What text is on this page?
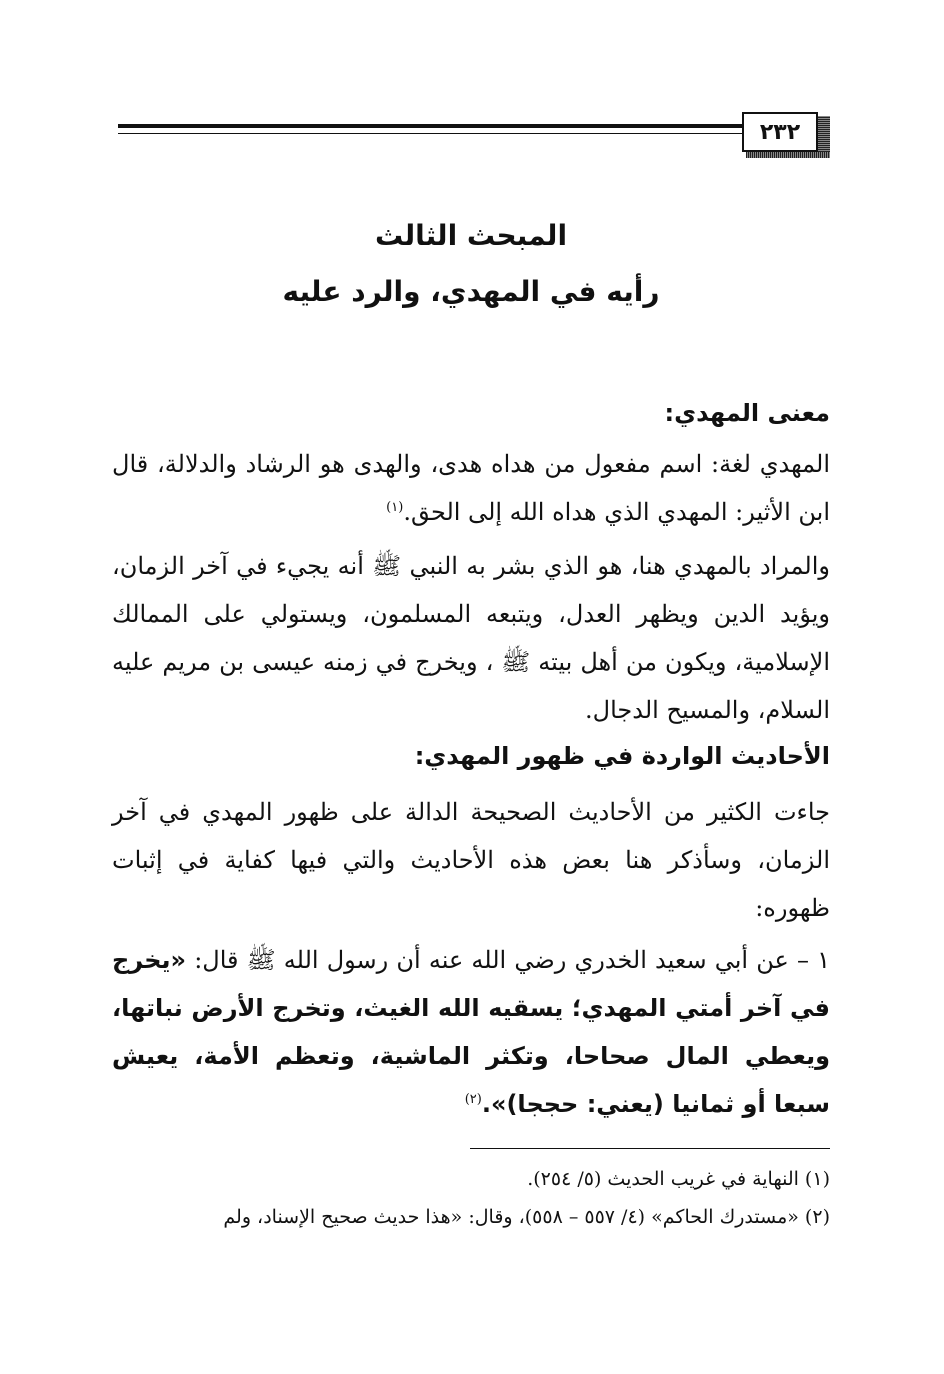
٢٣٢
المبحث الثالث
رأيه في المهدي، والرد عليه
معنى المهدي:

المهدي لغة: اسم مفعول من هداه هدى، والهدى هو الرشاد والدلالة، قال ابن الأثير: المهدي الذي هداه الله إلى الحق.$^{(١)}$

والمراد بالمهدي هنا، هو الذي بشر به النبي ﷺ أنه يجيء في آخر الزمان، ويؤيد الدين ويظهر العدل، ويتبعه المسلمون، ويستولي على الممالك الإسلامية، ويكون من أهل بيته ﷺ ، ويخرج في زمنه عيسى بن مريم عليه السلام، والمسيح الدجال.

الأحاديث الواردة في ظهور المهدي:

جاءت الكثير من الأحاديث الصحيحة الدالة على ظهور المهدي في آخر الزمان، وسأذكر هنا بعض هذه الأحاديث والتي فيها كفاية في إثبات ظهوره:

١ – عن أبي سعيد الخدري رضي الله عنه أن رسول الله ﷺ قال: «يخرج في آخر أمتي المهدي؛ يسقيه الله الغيث، وتخرج الأرض نباتها، ويعطي المال صحاحا، وتكثر الماشية، وتعظم الأمة، يعيش سبعا أو ثمانيا (يعني: حججا)».$^{(٢)}$

(١) النهاية في غريب الحديث (٥/ ٢٥٤).

(٢) «مستدرك الحاكم» (٤/ ٥٥٧ – ٥٥٨)، وقال: «هذا حديث صحيح الإسناد، ولم
